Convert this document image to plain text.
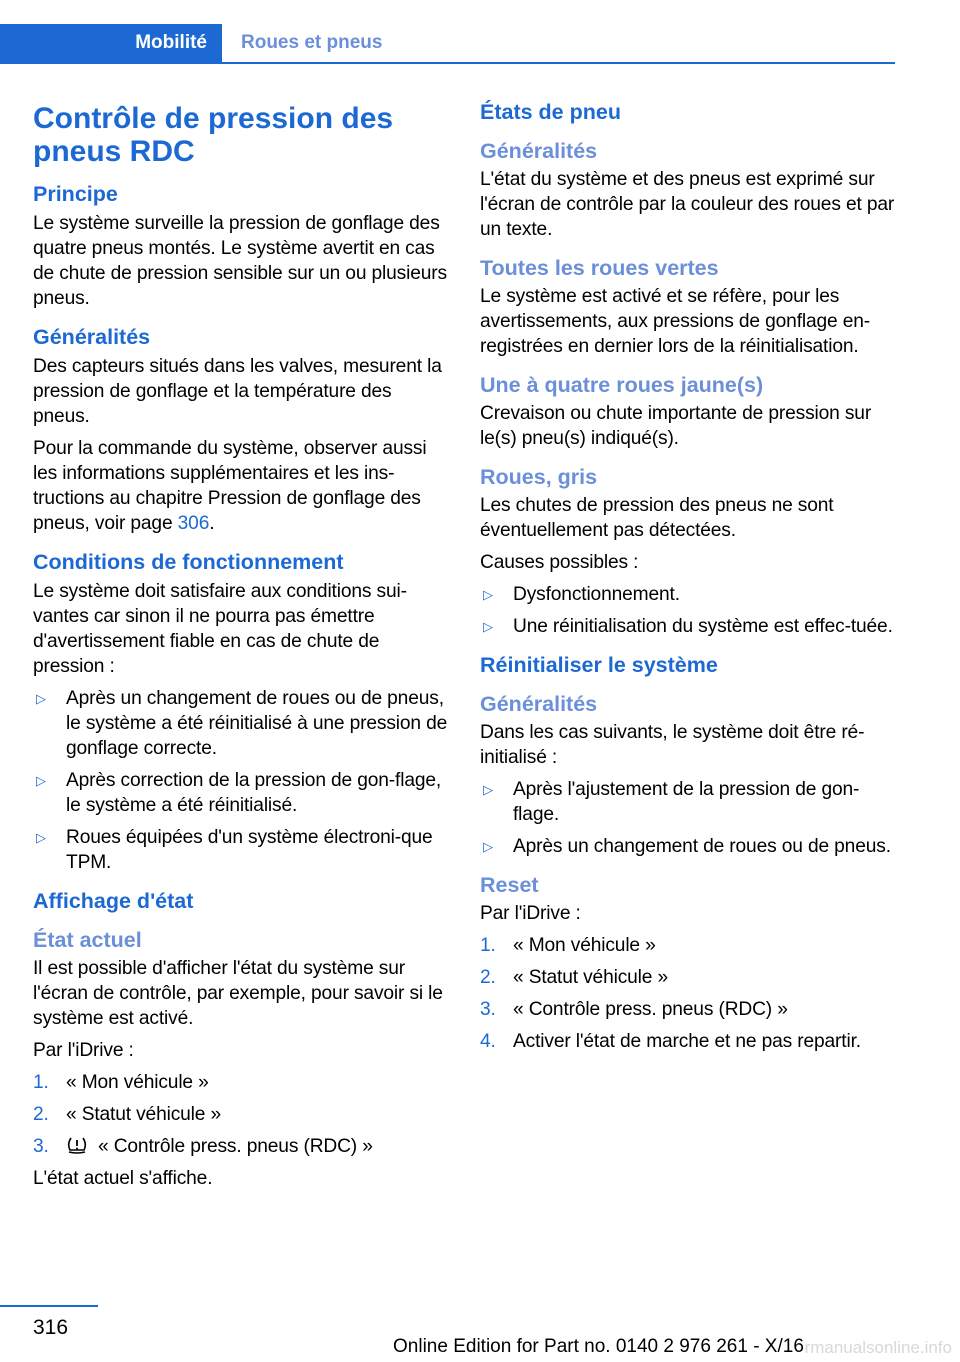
Mobilité	Roues et pneus
Contrôle de pression des pneus RDC
Principe

Le système surveille la pression de gonflage des quatre pneus montés. Le système avertit en cas de chute de pression sensible sur un ou plusieurs pneus.

Généralités

Des capteurs situés dans les valves, mesurent la pression de gonflage et la température des pneus.

Pour la commande du système, observer aussi les informations supplémentaires et les ins‐tructions au chapitre Pression de gonflage des pneus, voir page 306.

Conditions de fonctionnement

Le système doit satisfaire aux conditions sui‐vantes car sinon il ne pourra pas émettre d'avertissement fiable en cas de chute de pression :

▷ Après un changement de roues ou de pneus, le système a été réinitialisé à une pression de gonflage correcte.
▷ Après correction de la pression de gon‐flage, le système a été réinitialisé.
▷ Roues équipées d'un système électroni‐que TPM.
Affichage d'état
État actuel

Il est possible d'afficher l'état du système sur l'écran de contrôle, par exemple, pour savoir si le système est activé.

Par l'iDrive :

1. « Mon véhicule »
2. « Statut véhicule »
3.	« Contrôle press. pneus (RDC) »

L'état actuel s'affiche.

États de pneu
Généralités

L'état du système et des pneus est exprimé sur l'écran de contrôle par la couleur des roues et par un texte.

Toutes les roues vertes

Le système est activé et se réfère, pour les avertissements, aux pressions de gonflage en‐registrées en dernier lors de la réinitialisation.

Une à quatre roues jaune(s)

Crevaison ou chute importante de pression sur le(s) pneu(s) indiqué(s).

Roues, gris

Les chutes de pression des pneus ne sont éventuellement pas détectées.

Causes possibles :

▷ Dysfonctionnement.
▷ Une réinitialisation du système est effec‐tuée.
Réinitialiser le système
Généralités

Dans les cas suivants, le système doit être ré‐initialisé :

▷ Après l'ajustement de la pression de gon‐flage.
▷ Après un changement de roues ou de pneus.
Reset

Par l'iDrive :

1. « Mon véhicule »
2. « Statut véhicule »
3. « Contrôle press. pneus (RDC) »
4. Activer l'état de marche et ne pas repartir.
316
Online Edition for Part no. 0140 2 976 261 - X/16 rmanualsonline.info
